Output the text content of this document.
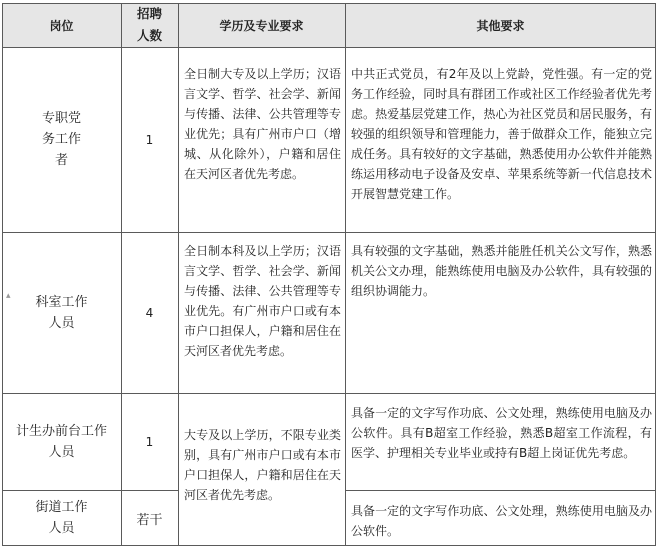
岗位
招聘人数
学历及专业要求	其他要求
专职党务工作者
1
全日制大专及以上学历；汉语言文学、哲学、社会学、新闻与传播、法律、公共管理等专业优先；具有广州市户口（增城、从化除外），户籍和居住在天河区者优先考虑。
中共正式党员，有2年及以上党龄，党性强。有一定的党务工作经验，同时具有群团工作或社区工作经验者优先考虑。热爱基层党建工作，热心为社区党员和居民服务，有较强的组织领导和管理能力，善于做群众工作，能独立完成任务。具有较好的文字基础，熟悉使用办公软件并能熟练运用移动电子设备及安卓、苹果系统等新一代信息技术开展智慧党建工作。
科室工作人员
4
全日制本科及以上学历；汉语言文学、哲学、社会学、新闻与传播、法律、公共管理等专业优先。有广州市户口或有本市户口担保人，户籍和居住在天河区者优先考虑。
具有较强的文字基础，熟悉并能胜任机关公文写作，熟悉机关公文办理，能熟练使用电脑及办公软件，具有较强的组织协调能力。
计生办前台工作人员
1
具备一定的文字写作功底、公文处理，熟练使用电脑及办公软件。具有B超室工作经验，熟悉B超室工作流程，有医学、护理相关专业毕业或持有B超上岗证优先考虑。
大专及以上学历，不限专业类别，具有广州市户口或有本市户口担保人，户籍和居住在天河区者优先考虑。
街道工作人员
若干
具备一定的文字写作功底、公文处理，熟练使用电脑及办公软件。
▴
